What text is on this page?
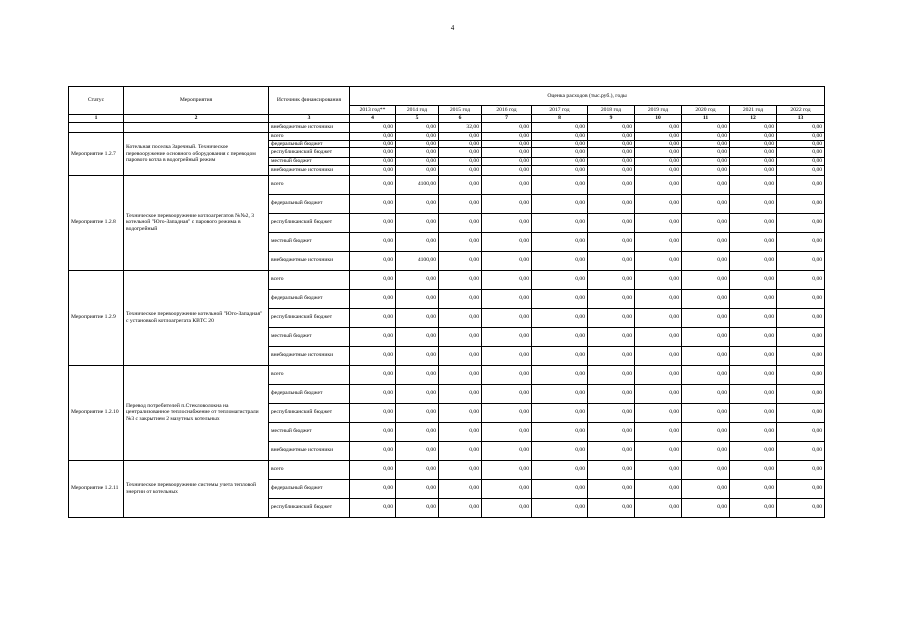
4
Статус	Мероприятия	Источник финансирования	Оценка расходов (тыс.руб.), годы									
			2013 год**	2014 год	2015 год	2016 год	2017 год	2018 год	2019 год	2020 год	2021 год	2022 год
1	2	3	4	5	6	7	8	9	10	11	12	13
		внебюджетные источники	0,00	0,00	32,00	0,00	0,00	0,00	0,00	0,00	0,00	0,00
Мероприятие 1.2.7	Котельная поселка Заречный. Техническое перевооружение основного оборудования с переводом парового котла в водогрейный режим	всего	0,00	0,00	0,00	0,00	0,00	0,00	0,00	0,00	0,00	0,00
		федеральный бюджет	0,00	0,00	0,00	0,00	0,00	0,00	0,00	0,00	0,00	0,00
		республиканский бюджет	0,00	0,00	0,00	0,00	0,00	0,00	0,00	0,00	0,00	0,00
		местный бюджет	0,00	0,00	0,00	0,00	0,00	0,00	0,00	0,00	0,00	0,00
		внебюджетные источники	0,00	0,00	0,00	0,00	0,00	0,00	0,00	0,00	0,00	0,00
Мероприятие 1.2.8	Техническое перевооружение котлоагрегатов №№2, 3 котельной "Юго-Западная" с парового режима в водогрейный	всего	0,00	4100,00	0,00	0,00	0,00	0,00	0,00	0,00	0,00	0,00
		федеральный бюджет	0,00	0,00	0,00	0,00	0,00	0,00	0,00	0,00	0,00	0,00
		республиканский бюджет	0,00	0,00	0,00	0,00	0,00	0,00	0,00	0,00	0,00	0,00
		местный бюджет	0,00	0,00	0,00	0,00	0,00	0,00	0,00	0,00	0,00	0,00
		внебюджетные источники	0,00	4100,00	0,00	0,00	0,00	0,00	0,00	0,00	0,00	0,00
Мероприятие 1.2.9	Техническое перевооружение котельной "Юго-Западная" с установкой котлоагрегата КВТС 20	всего	0,00	0,00	0,00	0,00	0,00	0,00	0,00	0,00	0,00	0,00
		федеральный бюджет	0,00	0,00	0,00	0,00	0,00	0,00	0,00	0,00	0,00	0,00
		республиканский бюджет	0,00	0,00	0,00	0,00	0,00	0,00	0,00	0,00	0,00	0,00
		местный бюджет	0,00	0,00	0,00	0,00	0,00	0,00	0,00	0,00	0,00	0,00
		внебюджетные источники	0,00	0,00	0,00	0,00	0,00	0,00	0,00	0,00	0,00	0,00
Мероприятие 1.2.10	Перевод потребителей п.Стекловолокна на централизованное теплоснабжение от тепломагистрали №3 с закрытием 2 мазутных котельных	всего	0,00	0,00	0,00	0,00	0,00	0,00	0,00	0,00	0,00	0,00
		федеральный бюджет	0,00	0,00	0,00	0,00	0,00	0,00	0,00	0,00	0,00	0,00
		республиканский бюджет	0,00	0,00	0,00	0,00	0,00	0,00	0,00	0,00	0,00	0,00
		местный бюджет	0,00	0,00	0,00	0,00	0,00	0,00	0,00	0,00	0,00	0,00
		внебюджетные источники	0,00	0,00	0,00	0,00	0,00	0,00	0,00	0,00	0,00	0,00
Мероприятие 1.2.11	Техническое перевооружение системы учета тепловой энергии от котельных	всего	0,00	0,00	0,00	0,00	0,00	0,00	0,00	0,00	0,00	0,00
		федеральный бюджет	0,00	0,00	0,00	0,00	0,00	0,00	0,00	0,00	0,00	0,00
		республиканский бюджет	0,00	0,00	0,00	0,00	0,00	0,00	0,00	0,00	0,00	0,00
